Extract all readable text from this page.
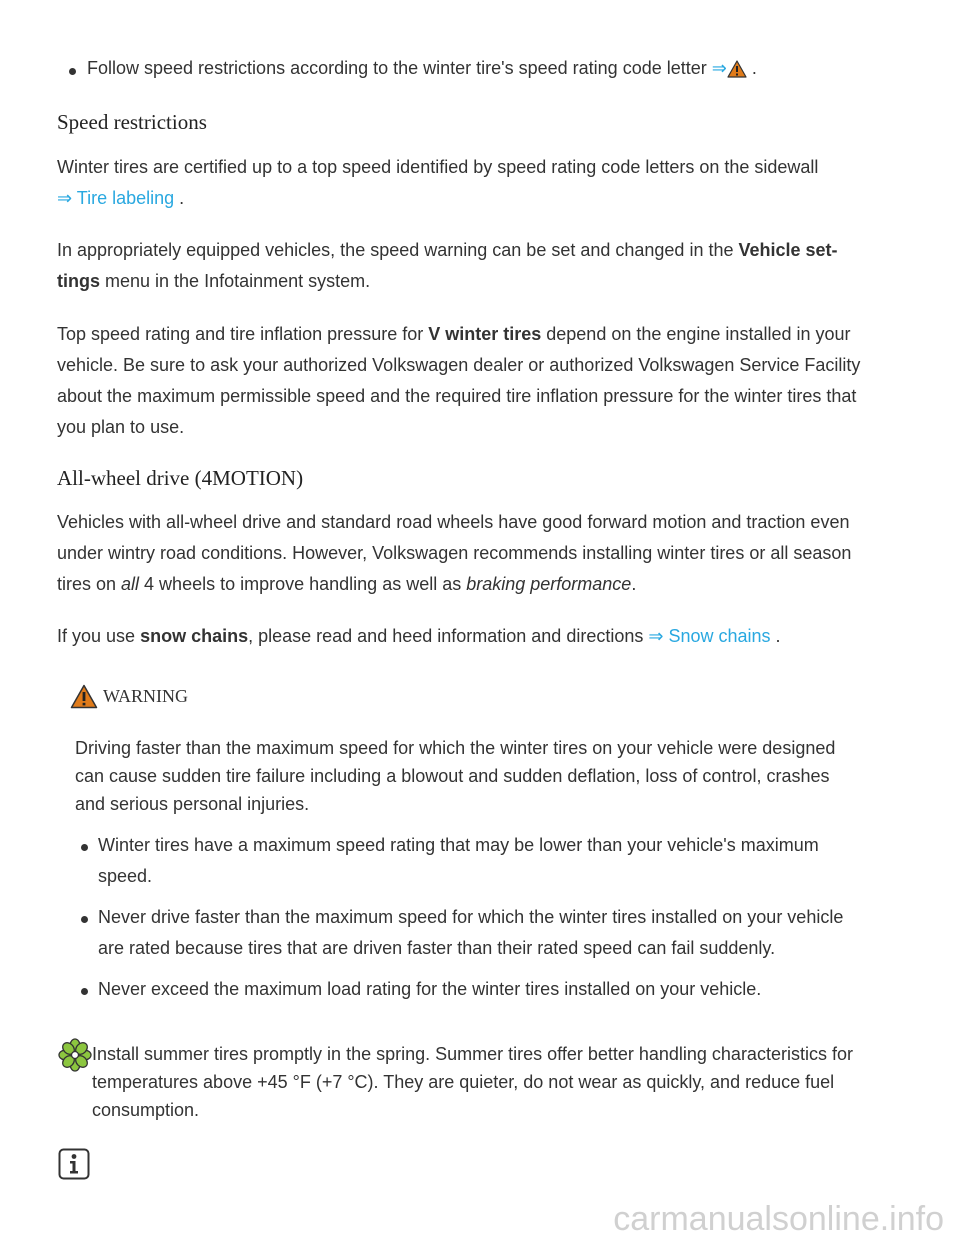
Follow speed restrictions according to the winter tire's speed rating code letter ⇒ .
Speed restrictions

Winter tires are certified up to a top speed identified by speed rating code letters on the sidewall

⇒ Tire labeling .

In appropriately equipped vehicles, the speed warning can be set and changed in the Vehicle set-

tings menu in the Infotainment system.

Top speed rating and tire inflation pressure for V winter tires depend on the engine installed in your

vehicle. Be sure to ask your authorized Volkswagen dealer or authorized Volkswagen Service Facility

about the maximum permissible speed and the required tire inflation pressure for the winter tires that

you plan to use.

All-wheel drive (4MOTION)

Vehicles with all-wheel drive and standard road wheels have good forward motion and traction even

under wintry road conditions. However, Volkswagen recommends installing winter tires or all season

tires on all 4 wheels to improve handling as well as braking performance.

If you use snow chains, please read and heed information and directions ⇒ Snow chains .

WARNING

Driving faster than the maximum speed for which the winter tires on your vehicle were designed

can cause sudden tire failure including a blowout and sudden deflation, loss of control, crashes

and serious personal injuries.

Winter tires have a maximum speed rating that may be lower than your vehicle's maximum

speed.

Never drive faster than the maximum speed for which the winter tires installed on your vehicle

are rated because tires that are driven faster than their rated speed can fail suddenly.

Never exceed the maximum load rating for the winter tires installed on your vehicle.

Install summer tires promptly in the spring. Summer tires offer better handling characteristics for

temperatures above +45 °F (+7 °C). They are quieter, do not wear as quickly, and reduce fuel

consumption.

carmanualsonline.info
